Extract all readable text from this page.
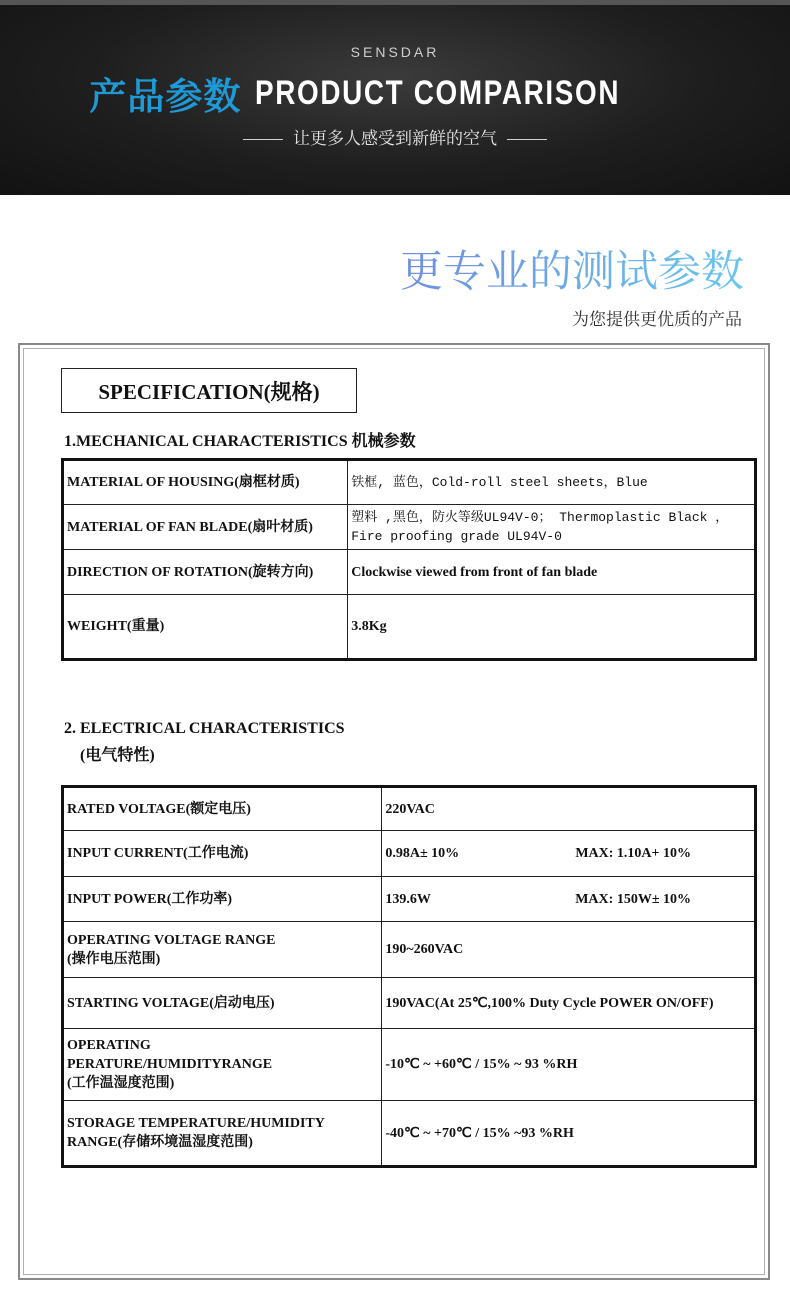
SENSDAR
产品参数 PRODUCT COMPARISON
让更多人感受到新鲜的空气
更专业的测试参数
为您提供更优质的产品
SPECIFICATION(规格)
1.MECHANICAL CHARACTERISTICS 机械参数
MATERIAL OF HOUSING(扇框材质)	铁框, 蓝色，Cold-roll steel sheets，Blue
MATERIAL OF FAN BLADE(扇叶材质)	塑料 ,黑色，防火等级UL94V-0； Thermoplastic Black ，Fire proofing grade UL94V-0
DIRECTION OF ROTATION(旋转方向)	Clockwise viewed from front of fan blade
WEIGHT(重量)	3.8Kg
2. ELECTRICAL CHARACTERISTICS
(电气特性)
RATED VOLTAGE(额定电压)	220VAC
INPUT CURRENT(工作电流)	0.98A± 10% MAX: 1.10A+ 10%

INPUT POWER(工作功率)	139.6W MAX: 150W± 10%

OPERATING VOLTAGE RANGE
(操作电压范围)	190~260VAC
STARTING VOLTAGE(启动电压)	190VAC(At 25℃,100% Duty Cycle POWER ON/OFF)

OPERATING
PERATURE/HUMIDITYRANGE
(工作温湿度范围)	-10℃ ~ +60℃ / 15% ~ 93 %RH

STORAGE TEMPERATURE/HUMIDITY
RANGE(存储环境温湿度范围)	-40℃ ~ +70℃ / 15% ~93 %RH
